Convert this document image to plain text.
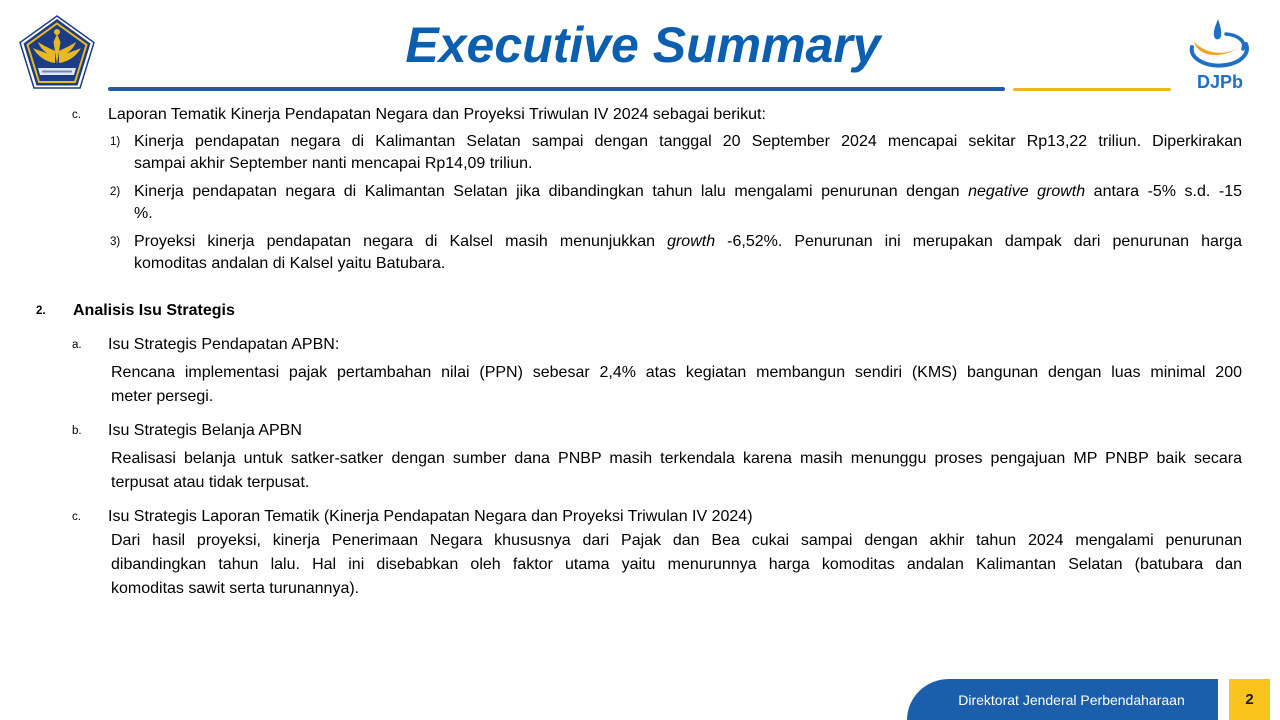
Executive Summary
DJPb
c. Laporan Tematik Kinerja Pendapatan Negara dan Proyeksi Triwulan IV 2024 sebagai berikut:
1) Kinerja pendapatan negara di Kalimantan Selatan sampai dengan tanggal 20 September 2024 mencapai sekitar Rp13,22 triliun. Diperkirakan
sampai akhir September nanti mencapai Rp14,09 triliun.
2) Kinerja pendapatan negara di Kalimantan Selatan jika dibandingkan tahun lalu mengalami penurunan dengan negative growth antara -5% s.d. -15
%.
3) Proyeksi kinerja pendapatan negara di Kalsel masih menunjukkan growth -6,52%. Penurunan ini merupakan dampak dari penurunan harga
komoditas andalan di Kalsel yaitu Batubara.
2. Analisis Isu Strategis
a. Isu Strategis Pendapatan APBN:
Rencana implementasi pajak pertambahan nilai (PPN) sebesar 2,4% atas kegiatan membangun sendiri (KMS) bangunan dengan luas minimal 200
meter persegi.
b. Isu Strategis Belanja APBN
Realisasi belanja untuk satker-satker dengan sumber dana PNBP masih terkendala karena masih menunggu proses pengajuan MP PNBP baik secara
terpusat atau tidak terpusat.
c. Isu Strategis Laporan Tematik (Kinerja Pendapatan Negara dan Proyeksi Triwulan IV 2024)
Dari hasil proyeksi, kinerja Penerimaan Negara khususnya dari Pajak dan Bea cukai sampai dengan akhir tahun 2024 mengalami penurunan
dibandingkan tahun lalu. Hal ini disebabkan oleh faktor utama yaitu menurunnya harga komoditas andalan Kalimantan Selatan (batubara dan
komoditas sawit serta turunannya).
Direktorat Jenderal Perbendaharaan	2
